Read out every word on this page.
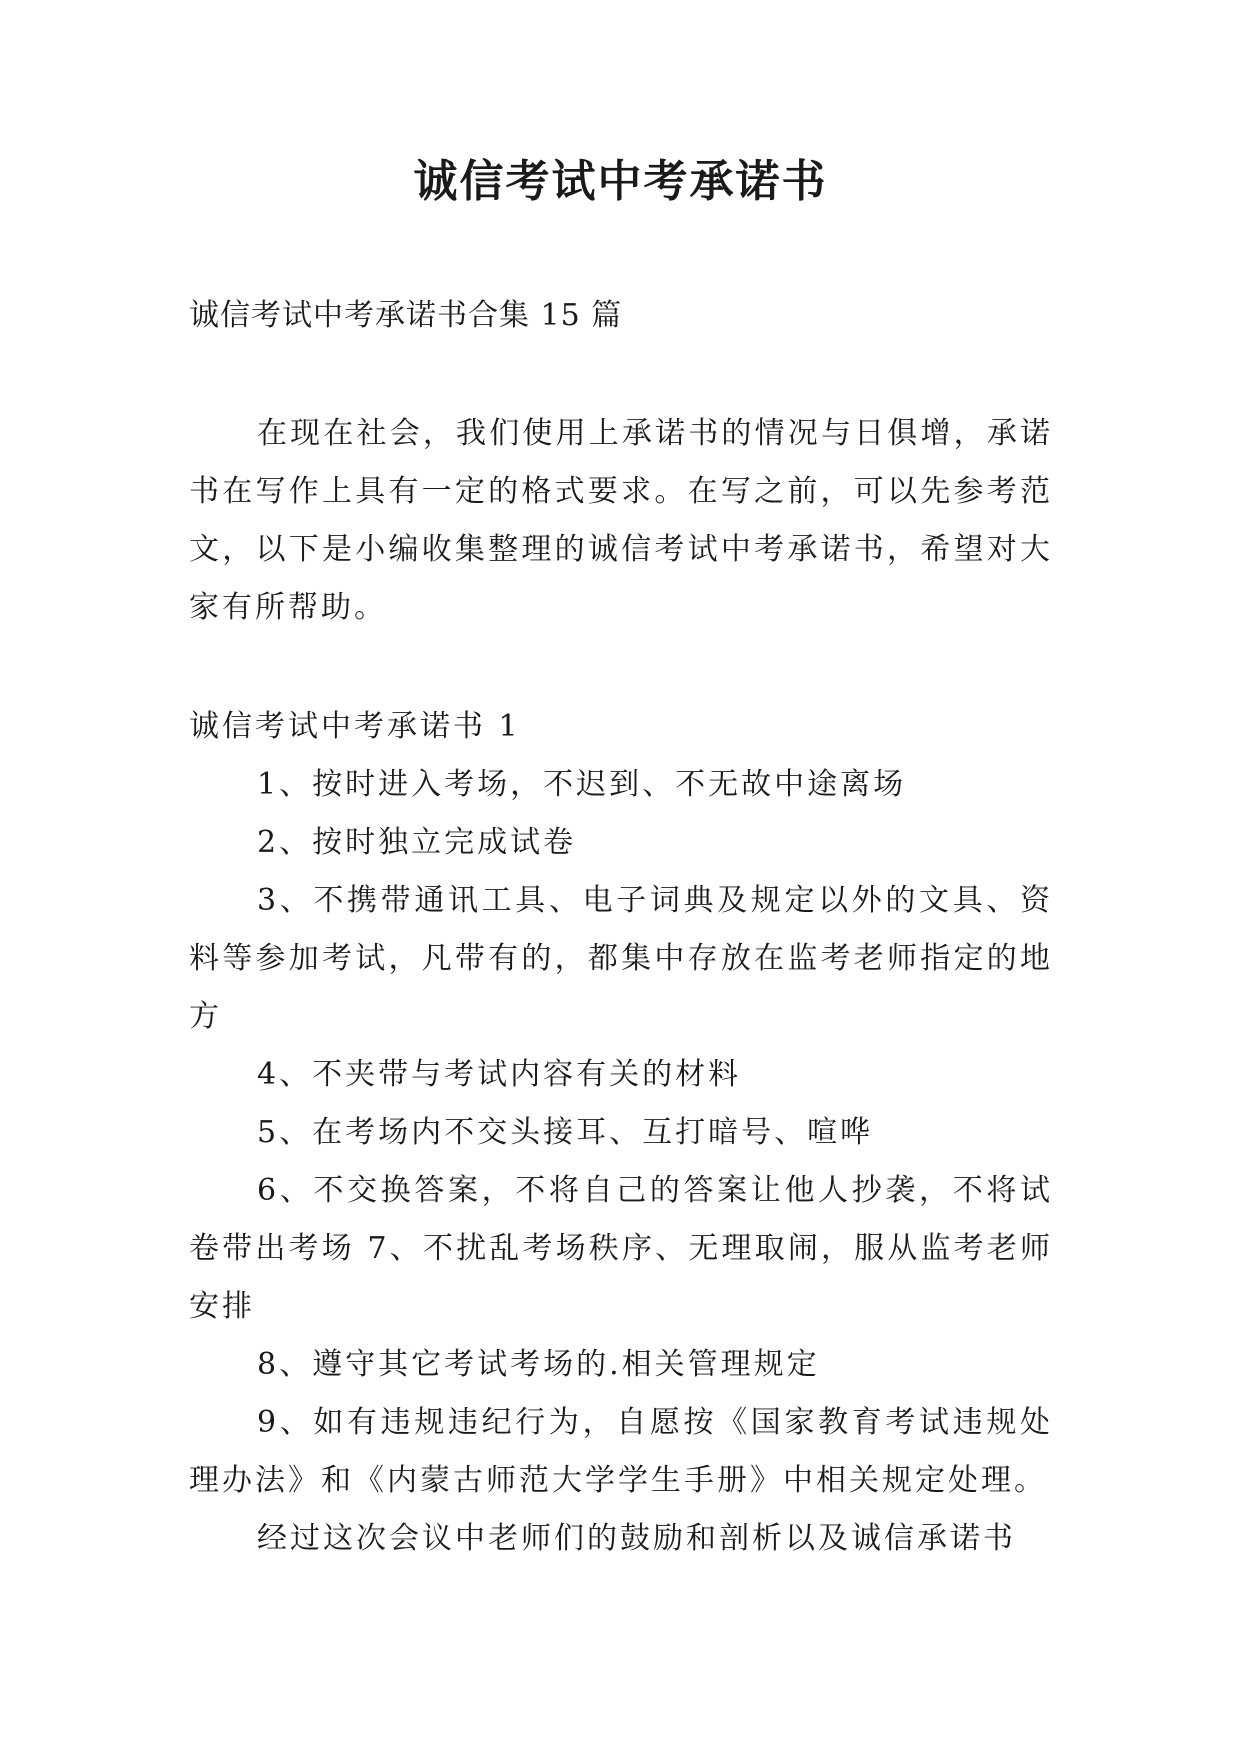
诚信考试中考承诺书
诚信考试中考承诺书合集 15 篇

在现在社会，我们使用上承诺书的情况与日俱增，承诺书在写作上具有一定的格式要求。在写之前，可以先参考范文，以下是小编收集整理的诚信考试中考承诺书，希望对大家有所帮助。

诚信考试中考承诺书 1

1、按时进入考场，不迟到、不无故中途离场

2、按时独立完成试卷

3、不携带通讯工具、电子词典及规定以外的文具、资料等参加考试，凡带有的，都集中存放在监考老师指定的地方

4、不夹带与考试内容有关的材料

5、在考场内不交头接耳、互打暗号、喧哗

6、不交换答案，不将自己的答案让他人抄袭，不将试卷带出考场 7、不扰乱考场秩序、无理取闹，服从监考老师安排

8、遵守其它考试考场的.相关管理规定

9、如有违规违纪行为，自愿按《国家教育考试违规处理办法》和《内蒙古师范大学学生手册》中相关规定处理。

经过这次会议中老师们的鼓励和剖析以及诚信承诺书
